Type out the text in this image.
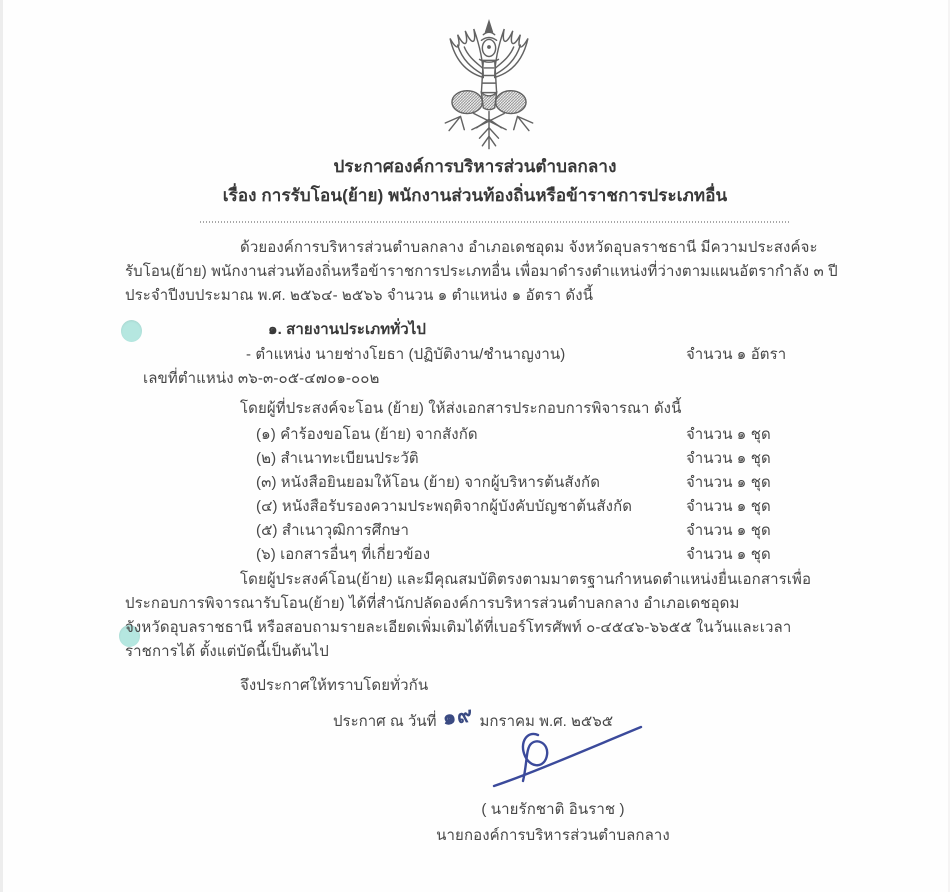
ประกาศองค์การบริหารส่วนตำบลกลาง
เรื่อง การรับโอน(ย้าย) พนักงานส่วนท้องถิ่นหรือข้าราชการประเภทอื่น
ด้วยองค์การบริหารส่วนตำบลกลาง อำเภอเดชอุดม จังหวัดอุบลราชธานี มีความประสงค์จะ
รับโอน(ย้าย) พนักงานส่วนท้องถิ่นหรือข้าราชการประเภทอื่น เพื่อมาดำรงตำแหน่งที่ว่างตามแผนอัตรากำลัง ๓ ปี
ประจำปีงบประมาณ พ.ศ. ๒๕๖๔- ๒๕๖๖ จำนวน ๑ ตำแหน่ง ๑ อัตรา ดังนี้
๑. สายงานประเภททั่วไป
- ตำแหน่ง นายช่างโยธา (ปฏิบัติงาน/ชำนาญงาน)	จำนวน ๑ อัตรา
เลขที่ตำแหน่ง ๓๖-๓-๐๕-๔๗๐๑-๐๐๒
โดยผู้ที่ประสงค์จะโอน (ย้าย) ให้ส่งเอกสารประกอบการพิจารณา ดังนี้
(๑) คำร้องขอโอน (ย้าย) จากสังกัด	จำนวน ๑ ชุด
(๒) สำเนาทะเบียนประวัติ	จำนวน ๑ ชุด
(๓) หนังสือยินยอมให้โอน (ย้าย) จากผู้บริหารต้นสังกัด	จำนวน ๑ ชุด
(๔) หนังสือรับรองความประพฤติจากผู้บังคับบัญชาต้นสังกัด	จำนวน ๑ ชุด
(๕) สำเนาวุฒิการศึกษา	จำนวน ๑ ชุด
(๖) เอกสารอื่นๆ ที่เกี่ยวข้อง	จำนวน ๑ ชุด
โดยผู้ประสงค์โอน(ย้าย) และมีคุณสมบัติตรงตามมาตรฐานกำหนดตำแหน่งยื่นเอกสารเพื่อ
ประกอบการพิจารณารับโอน(ย้าย) ได้ที่สำนักปลัดองค์การบริหารส่วนตำบลกลาง อำเภอเดชอุดม
จังหวัดอุบลราชธานี หรือสอบถามรายละเอียดเพิ่มเติมได้ที่เบอร์โทรศัพท์ ๐-๔๕๔๖-๖๖๕๕ ในวันและเวลา
ราชการได้ ตั้งแต่บัดนี้เป็นต้นไป
จึงประกาศให้ทราบโดยทั่วกัน
ประกาศ ณ วันที่ ๑๙ มกราคม พ.ศ. ๒๕๖๕
( นายรักชาติ อินราช )
นายกองค์การบริหารส่วนตำบลกลาง
